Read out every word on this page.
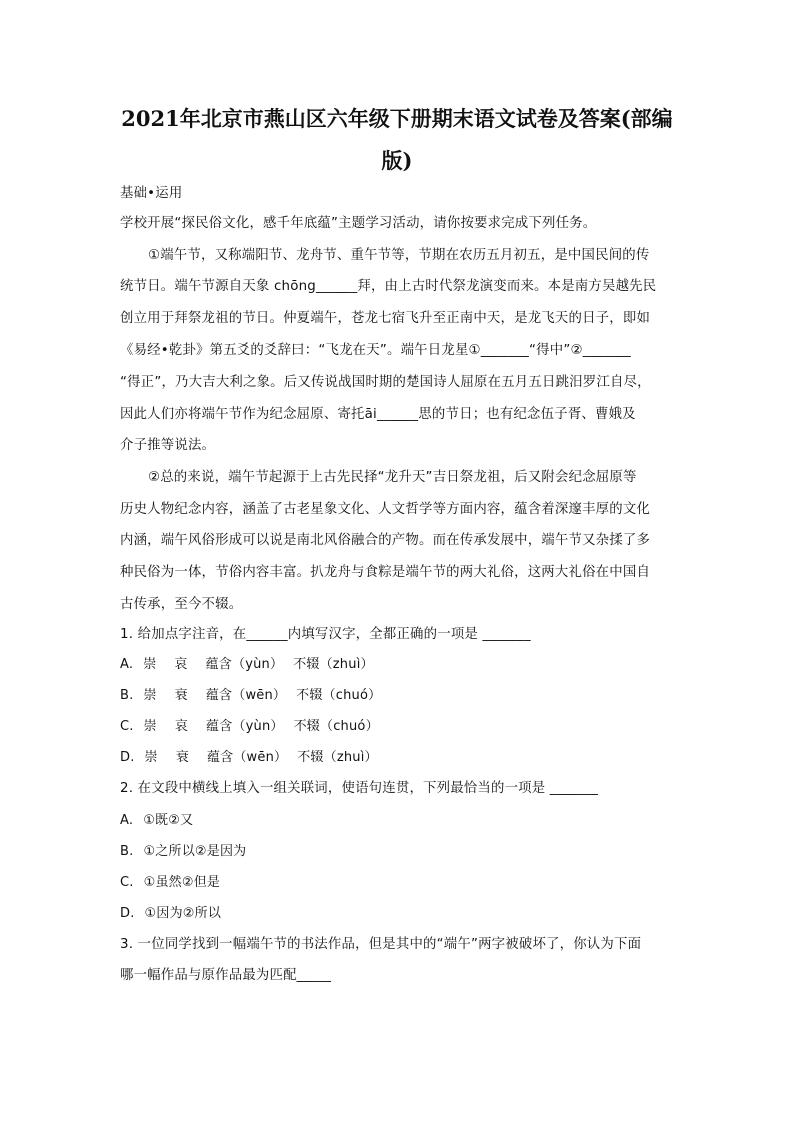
2021年北京市燕山区六年级下册期末语文试卷及答案(部编
版)
基础•运用
学校开展“探民俗文化，感千年底蕴”主题学习活动，请你按要求完成下列任务。
①端午节，又称端阳节、龙舟节、重午节等，节期在农历五月初五，是中国民间的传
统节日。端午节源自天象 chōng______拜，由上古时代祭龙演变而来。本是南方吴越先民
创立用于拜祭龙祖的节日。仲夏端午，苍龙七宿飞升至正南中天，是龙飞天的日子，即如
《易经•乾卦》第五爻的爻辞曰：“飞龙在天”。端午日龙星①_______“得中”②_______
“得正”，乃大吉大利之象。后又传说战国时期的楚国诗人屈原在五月五日跳汨罗江自尽，
因此人们亦将端午节作为纪念屈原、寄托āi______思的节日；也有纪念伍子胥、曹娥及
介子推等说法。
②总的来说，端午节起源于上古先民择“龙升天”吉日祭龙祖，后又附会纪念屈原等
历史人物纪念内容，涵盖了古老星象文化、人文哲学等方面内容，蕴含着深邃丰厚的文化
内涵，端午风俗形成可以说是南北风俗融合的产物。而在传承发展中，端午节又杂揉了多
种民俗为一体，节俗内容丰富。扒龙舟与食粽是端午节的两大礼俗，这两大礼俗在中国自
古传承，至今不辍。
1. 给加点字注音，在______内填写汉字，全都正确的一项是 _______
A. 崇 哀 蕴含（yùn） 不辍（zhuì）
B. 崇 衰 蕴含（wēn） 不辍（chuó）
C. 崇 哀 蕴含（yùn） 不辍（chuó）
D. 崇 衰 蕴含（wēn） 不辍（zhuì）
2. 在文段中横线上填入一组关联词，使语句连贯，下列最恰当的一项是 _______
A. ①既②又
B. ①之所以②是因为
C. ①虽然②但是
D. ①因为②所以
3. 一位同学找到一幅端午节的书法作品，但是其中的“端午”两字被破坏了，你认为下面
哪一幅作品与原作品最为匹配_____
